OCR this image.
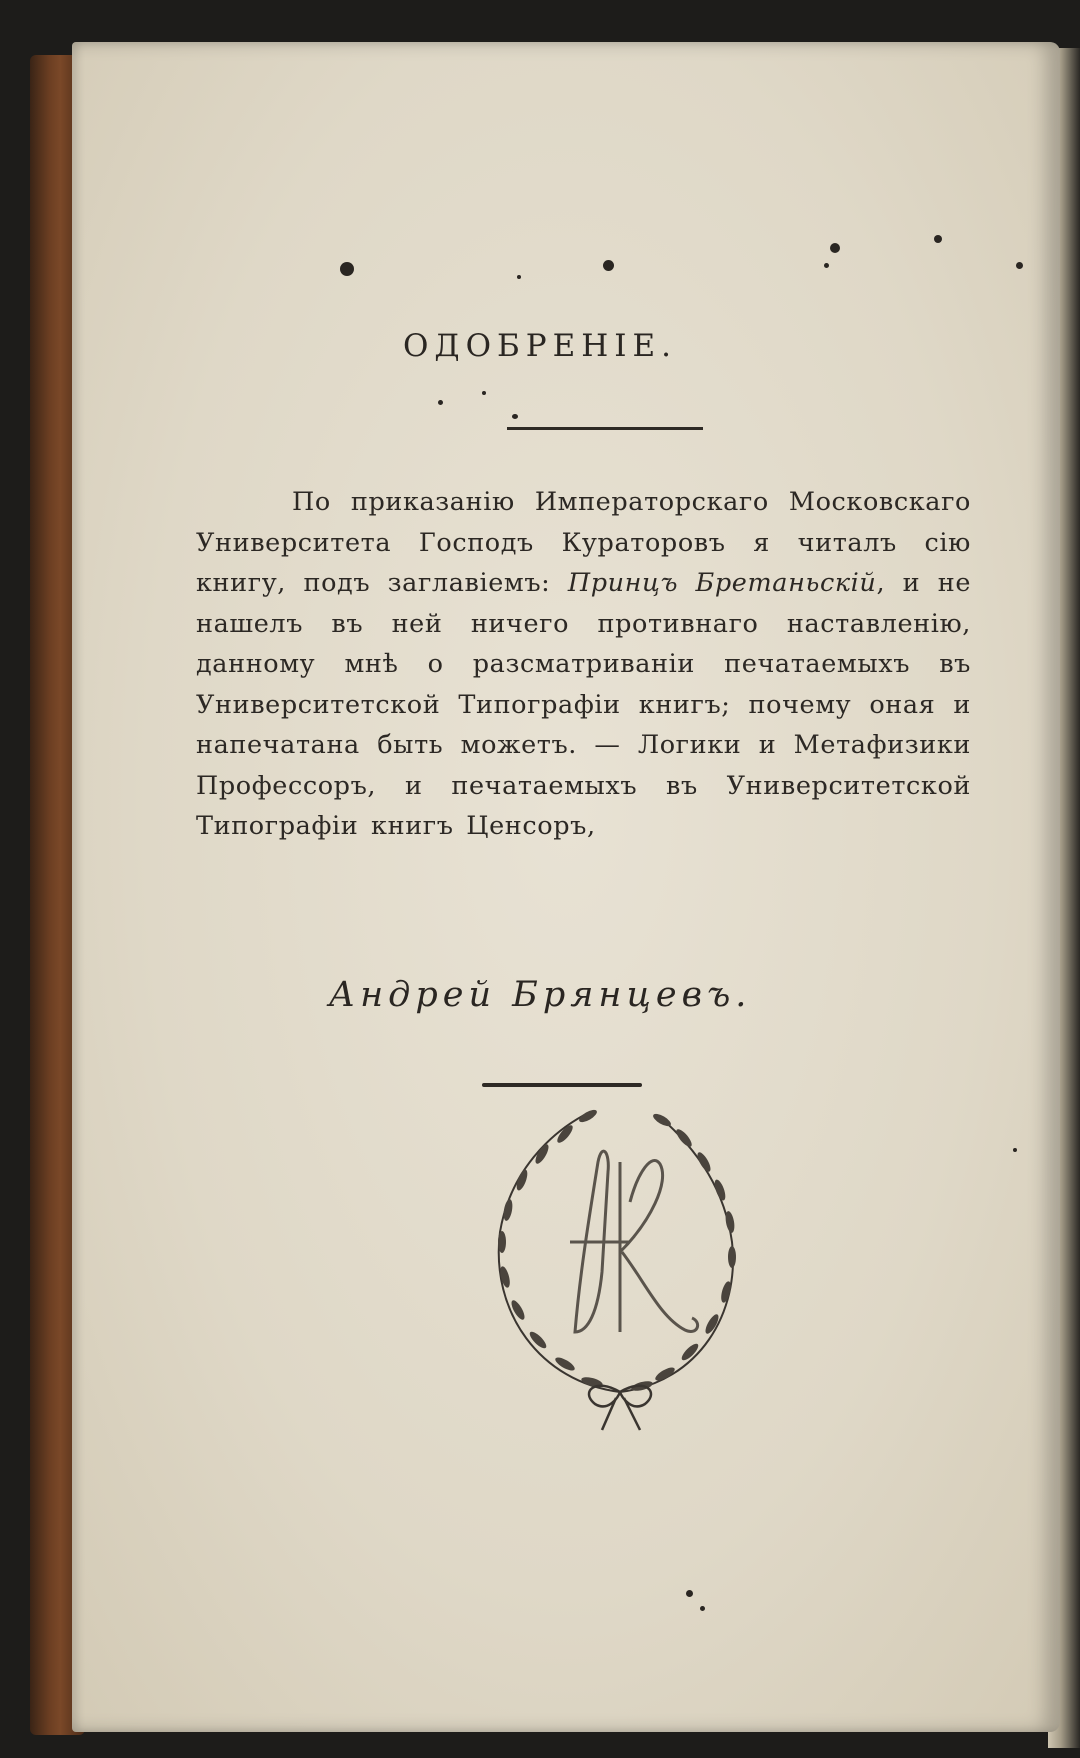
ОДОБРЕНІЕ.
По приказанію Императорскаго Московскаго Университета Господъ Кураторовъ я читалъ сію книгу, подъ заглавіемъ: Принцъ Бретаньскій, и не нашелъ въ ней ничего противнаго наставленію, данному мнѣ о разсматриваніи печатаемыхъ въ Университетской Типографіи книгъ; почему оная и напечатана быть можетъ. — Логики и Метафизики Профессоръ, и печатаемыхъ въ Университетской Типографіи книгъ Ценсоръ,
Андрей Брянцевъ.
